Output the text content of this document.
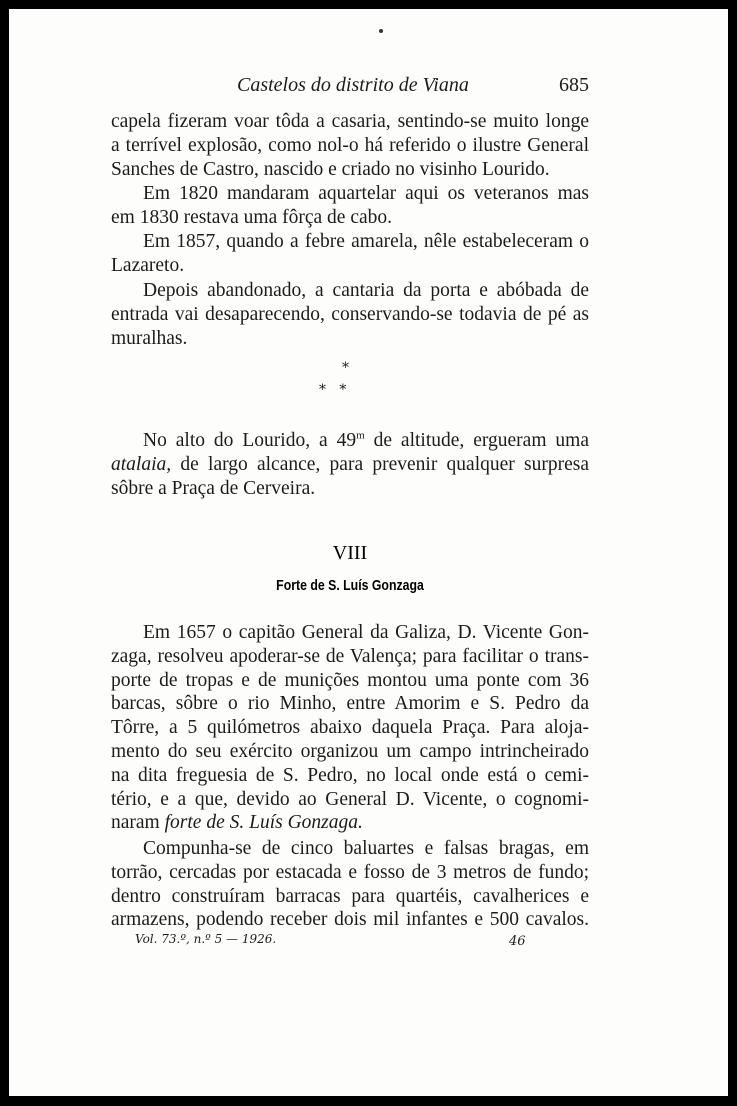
Castelos do distrito de Viana	685
capela fizeram voar tôda a casaria, sentindo-se muito longe
a terrível explosão, como nol-o há referido o ilustre General
Sanches de Castro, nascido e criado no visinho Lourido.
Em 1820 mandaram aquartelar aqui os veteranos mas
em 1830 restava uma fôrça de cabo.
Em 1857, quando a febre amarela, nêle estabeleceram o
Lazareto.
Depois abandonado, a cantaria da porta e abóbada de
entrada vai desaparecendo, conservando-se todavia de pé as
muralhas.
*
*   *
No alto do Lourido, a 49$^m$ de altitude, ergueram uma
atalaia, de largo alcance, para prevenir qualquer surpresa
sôbre a Praça de Cerveira.
VIII
Forte de S. Luís Gonzaga
Em 1657 o capitão General da Galiza, D. Vicente Gon-
zaga, resolveu apoderar-se de Valença; para facilitar o trans-
porte de tropas e de munições montou uma ponte com 36
barcas, sôbre o rio Minho, entre Amorim e S. Pedro da
Tôrre, a 5 quilómetros abaixo daquela Praça. Para aloja-
mento do seu exército organizou um campo intrincheirado
na dita freguesia de S. Pedro, no local onde está o cemi-
tério, e a que, devido ao General D. Vicente, o cognomi-
naram forte de S. Luís Gonzaga.
Compunha-se de cinco baluartes e falsas bragas, em
torrão, cercadas por estacada e fosso de 3 metros de fundo;
dentro construíram barracas para quartéis, cavalherices e
armazens, podendo receber dois mil infantes e 500 cavalos.
Vol. 73.º, n.º 5 — 1926.	46
